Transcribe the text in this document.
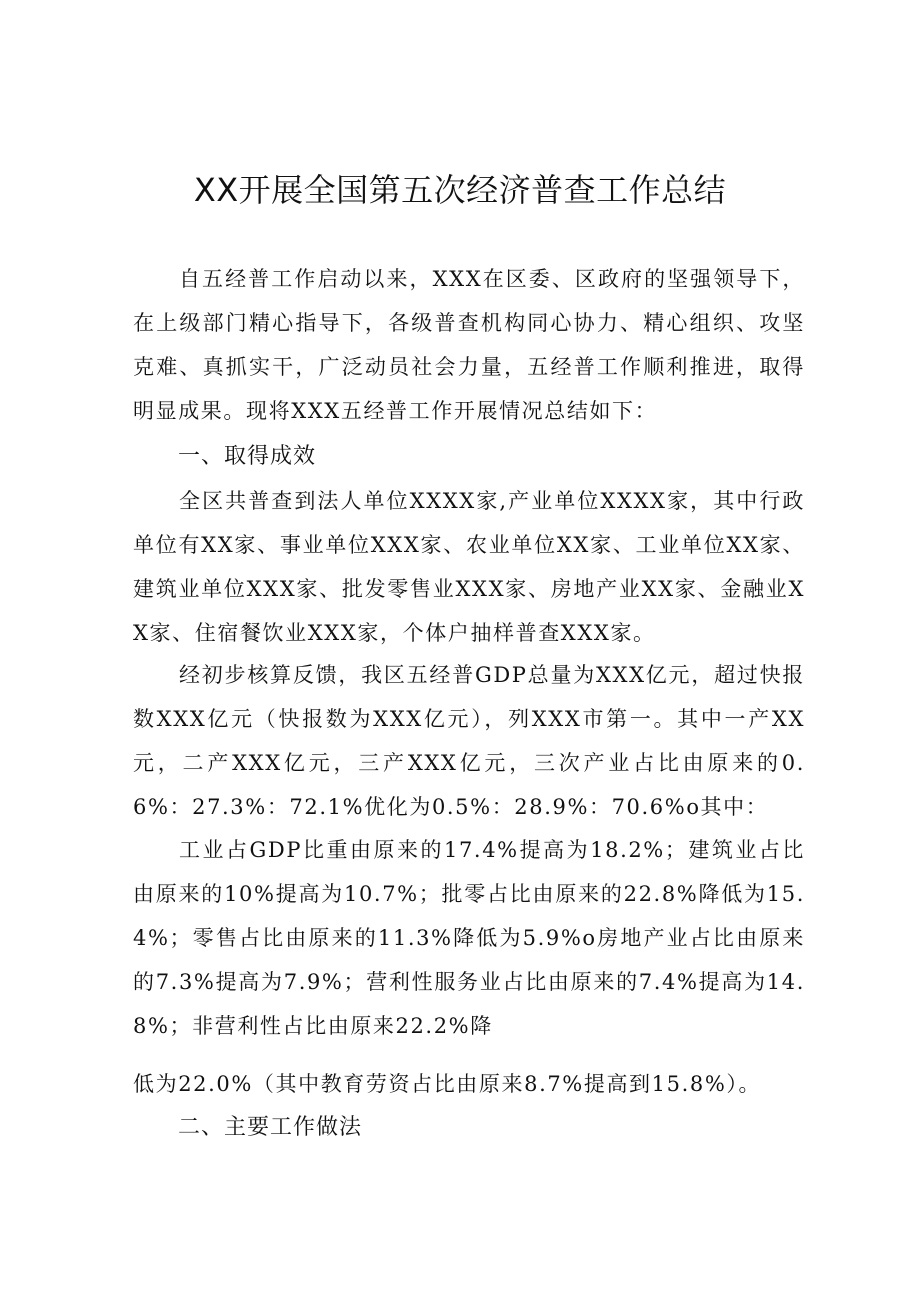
XX开展全国第五次经济普查工作总结

自五经普工作启动以来，XXX在区委、区政府的坚强领导下，在上级部门精心指导下，各级普查机构同心协力、精心组织、攻坚克难、真抓实干，广泛动员社会力量，五经普工作顺利推进，取得明显成果。现将XXX五经普工作开展情况总结如下：

一、取得成效

全区共普查到法人单位XXXX家,产业单位XXXX家，其中行政单位有XX家、事业单位XXX家、农业单位XX家、工业单位XX家、建筑业单位XXX家、批发零售业XXX家、房地产业XX家、金融业XX家、住宿餐饮业XXX家，个体户抽样普查XXX家。

经初步核算反馈，我区五经普GDP总量为XXX亿元，超过快报数XXX亿元（快报数为XXX亿元），列XXX市第一。其中一产XX元，二产XXX亿元，三产XXX亿元，三次产业占比由原来的0.6%：27.3%：72.1%优化为0.5%：28.9%：70.6%o其中：

工业占GDP比重由原来的17.4%提高为18.2%；建筑业占比由原来的10%提高为10.7%；批零占比由原来的22.8%降低为15.4%；零售占比由原来的11.3%降低为5.9%o房地产业占比由原来的7.3%提高为7.9%；营利性服务业占比由原来的7.4%提高为14.8%；非营利性占比由原来22.2%降

低为22.0%（其中教育劳资占比由原来8.7%提高到15.8%）。

二、主要工作做法
